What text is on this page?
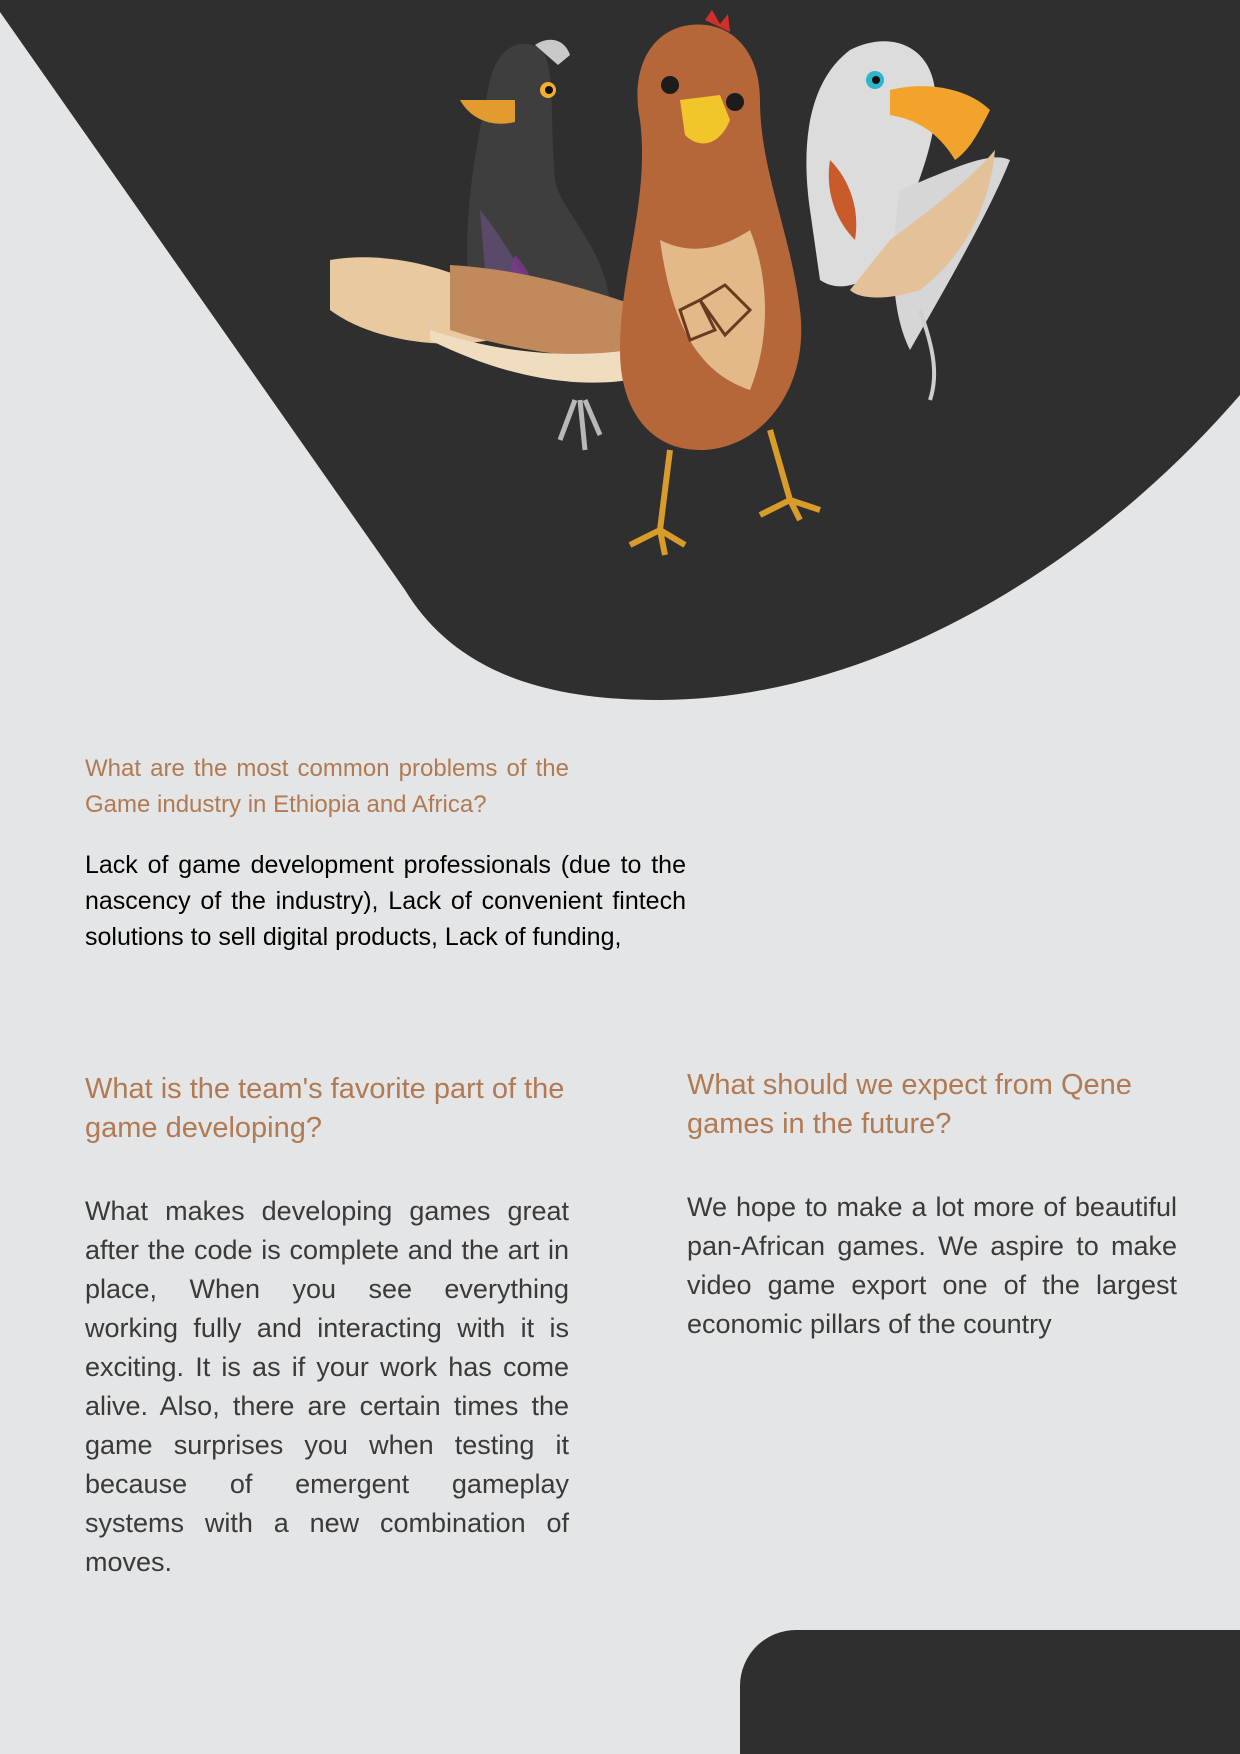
What are the most common problems of the Game industry in Ethiopia and Africa?

Lack of game development professionals (due to the nascency of the industry), Lack of convenient fintech solutions to sell digital products, Lack of funding,

What is the team's favorite part of the game developing?

What makes developing games great after the code is complete and the art in place, When you see everything working fully and interacting with it is exciting. It is as if your work has come alive. Also, there are certain times the game surprises you when testing it because of emergent gameplay systems with a new combination of moves.

What should we expect from Qene games in the future?

We hope to make a lot more of beautiful pan-African games. We aspire to make video game export one of the largest economic pillars of the country
